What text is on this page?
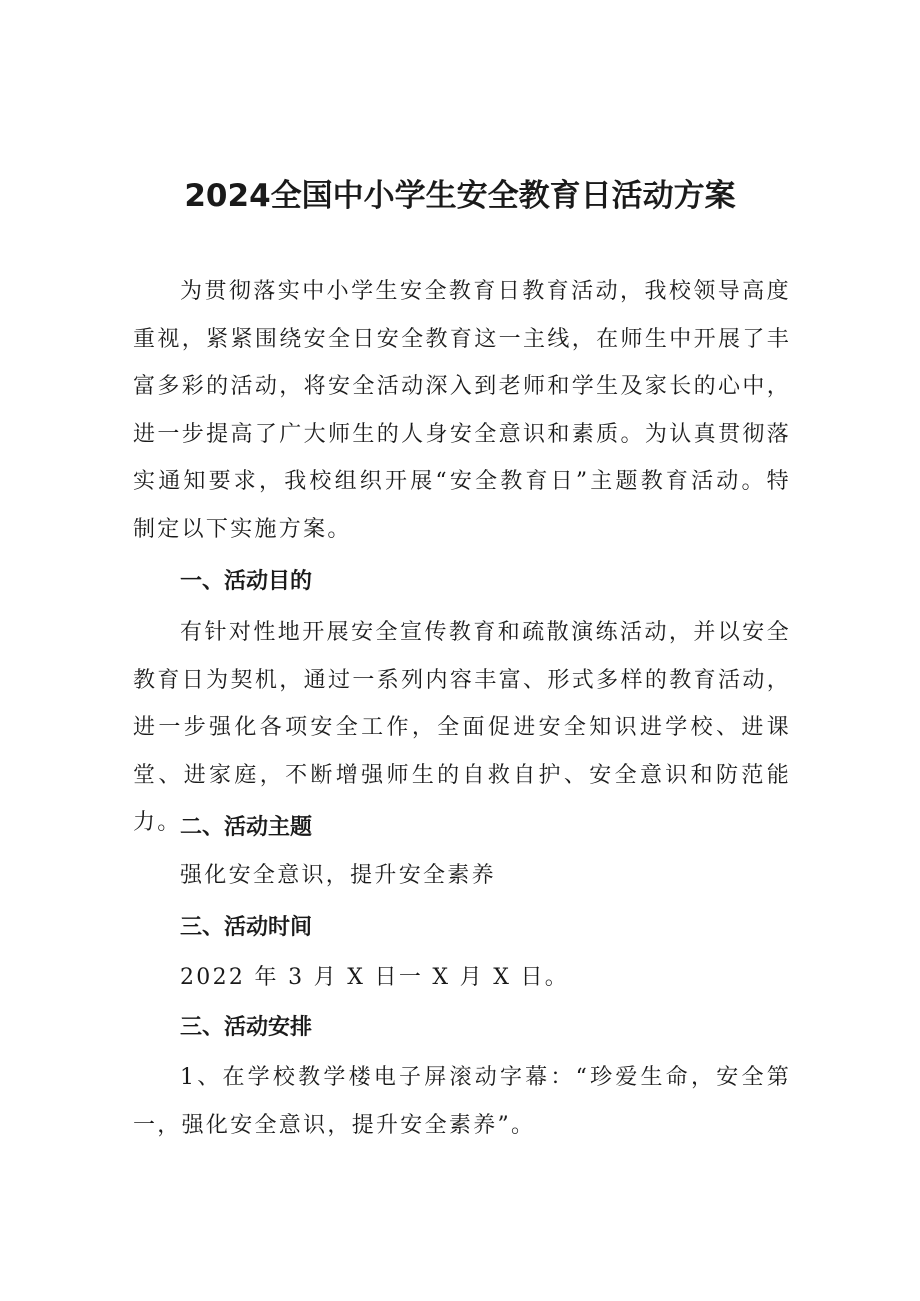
2024全国中小学生安全教育日活动方案

为贯彻落实中小学生安全教育日教育活动，我校领导高度重视，紧紧围绕安全日安全教育这一主线，在师生中开展了丰富多彩的活动，将安全活动深入到老师和学生及家长的心中，进一步提高了广大师生的人身安全意识和素质。为认真贯彻落实通知要求，我校组织开展“安全教育日”主题教育活动。特制定以下实施方案。

一、活动目的

有针对性地开展安全宣传教育和疏散演练活动，并以安全教育日为契机，通过一系列内容丰富、形式多样的教育活动，进一步强化各项安全工作，全面促进安全知识进学校、进课堂、进家庭，不断增强师生的自救自护、安全意识和防范能力。

二、活动主题

强化安全意识，提升安全素养

三、活动时间

2022 年 3 月 X 日一 X 月 X 日。

三、活动安排

1、在学校教学楼电子屏滚动字幕：“珍爱生命，安全第一，强化安全意识，提升安全素养”。
